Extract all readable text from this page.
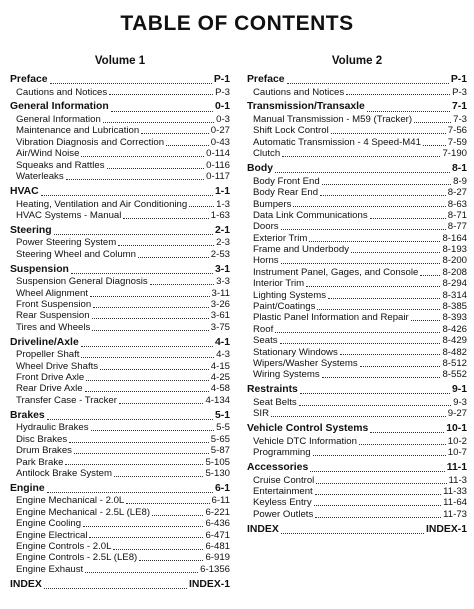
TABLE OF CONTENTS
Volume 1
Preface	P-1
Cautions and Notices	P-3
General Information	0-1
General Information	0-3
Maintenance and Lubrication	0-27
Vibration Diagnosis and Correction	0-43
Air/Wind Noise	0-114
Squeaks and Rattles	0-116
Waterleaks	0-117
HVAC	1-1
Heating, Ventilation and Air Conditioning	1-3
HVAC Systems - Manual	1-63
Steering	2-1
Power Steering System	2-3
Steering Wheel and Column	2-53
Suspension	3-1
Suspension General Diagnosis	3-3
Wheel Alignment	3-11
Front Suspension	3-26
Rear Suspension	3-61
Tires and Wheels	3-75
Driveline/Axle	4-1
Propeller Shaft	4-3
Wheel Drive Shafts	4-15
Front Drive Axle	4-25
Rear Drive Axle	4-58
Transfer Case - Tracker	4-134
Brakes	5-1
Hydraulic Brakes	5-5
Disc Brakes	5-65
Drum Brakes	5-87
Park Brake	5-105
Antilock Brake System	5-130
Engine	6-1
Engine Mechanical - 2.0L	6-11
Engine Mechanical - 2.5L (LE8)	6-221
Engine Cooling	6-436
Engine Electrical	6-471
Engine Controls - 2.0L	6-481
Engine Controls - 2.5L (LE8)	6-919
Engine Exhaust	6-1356
INDEX	INDEX-1
Volume 2
Preface	P-1
Cautions and Notices	P-3
Transmission/Transaxle	7-1
Manual Transmission - M59 (Tracker)	7-3
Shift Lock Control	7-56
Automatic Transmission - 4 Speed-M41	7-59
Clutch	7-190
Body	8-1
Body Front End	8-9
Body Rear End	8-27
Bumpers	8-63
Data Link Communications	8-71
Doors	8-77
Exterior Trim	8-164
Frame and Underbody	8-193
Horns	8-200
Instrument Panel, Gages, and Console	8-208
Interior Trim	8-294
Lighting Systems	8-314
Paint/Coatings	8-385
Plastic Panel Information and Repair	8-393
Roof	8-426
Seats	8-429
Stationary Windows	8-482
Wipers/Washer Systems	8-512
Wiring Systems	8-552
Restraints	9-1
Seat Belts	9-3
SIR	9-27
Vehicle Control Systems	10-1
Vehicle DTC Information	10-2
Programming	10-7
Accessories	11-1
Cruise Control	11-3
Entertainment	11-33
Keyless Entry	11-64
Power Outlets	11-73
INDEX	INDEX-1
